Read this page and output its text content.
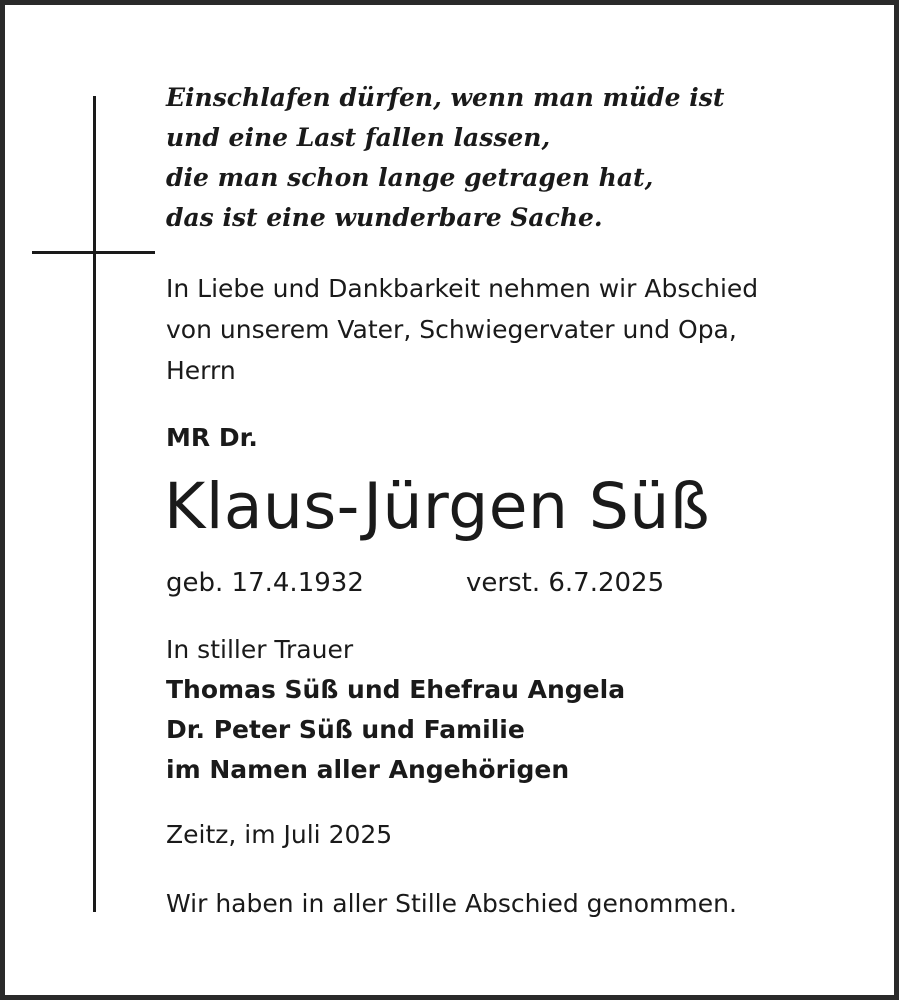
Einschlafen dürfen, wenn man müde ist
und eine Last fallen lassen,
die man schon lange getragen hat,
das ist eine wunderbare Sache.
In Liebe und Dankbarkeit nehmen wir Abschied
von unserem Vater, Schwiegervater und Opa,
Herrn
MR Dr.
Klaus-Jürgen Süß
geb. 17.4.1932	verst. 6.7.2025
In stiller Trauer
Thomas Süß und Ehefrau Angela
Dr. Peter Süß und Familie
im Namen aller Angehörigen
Zeitz, im Juli 2025
Wir haben in aller Stille Abschied genommen.
